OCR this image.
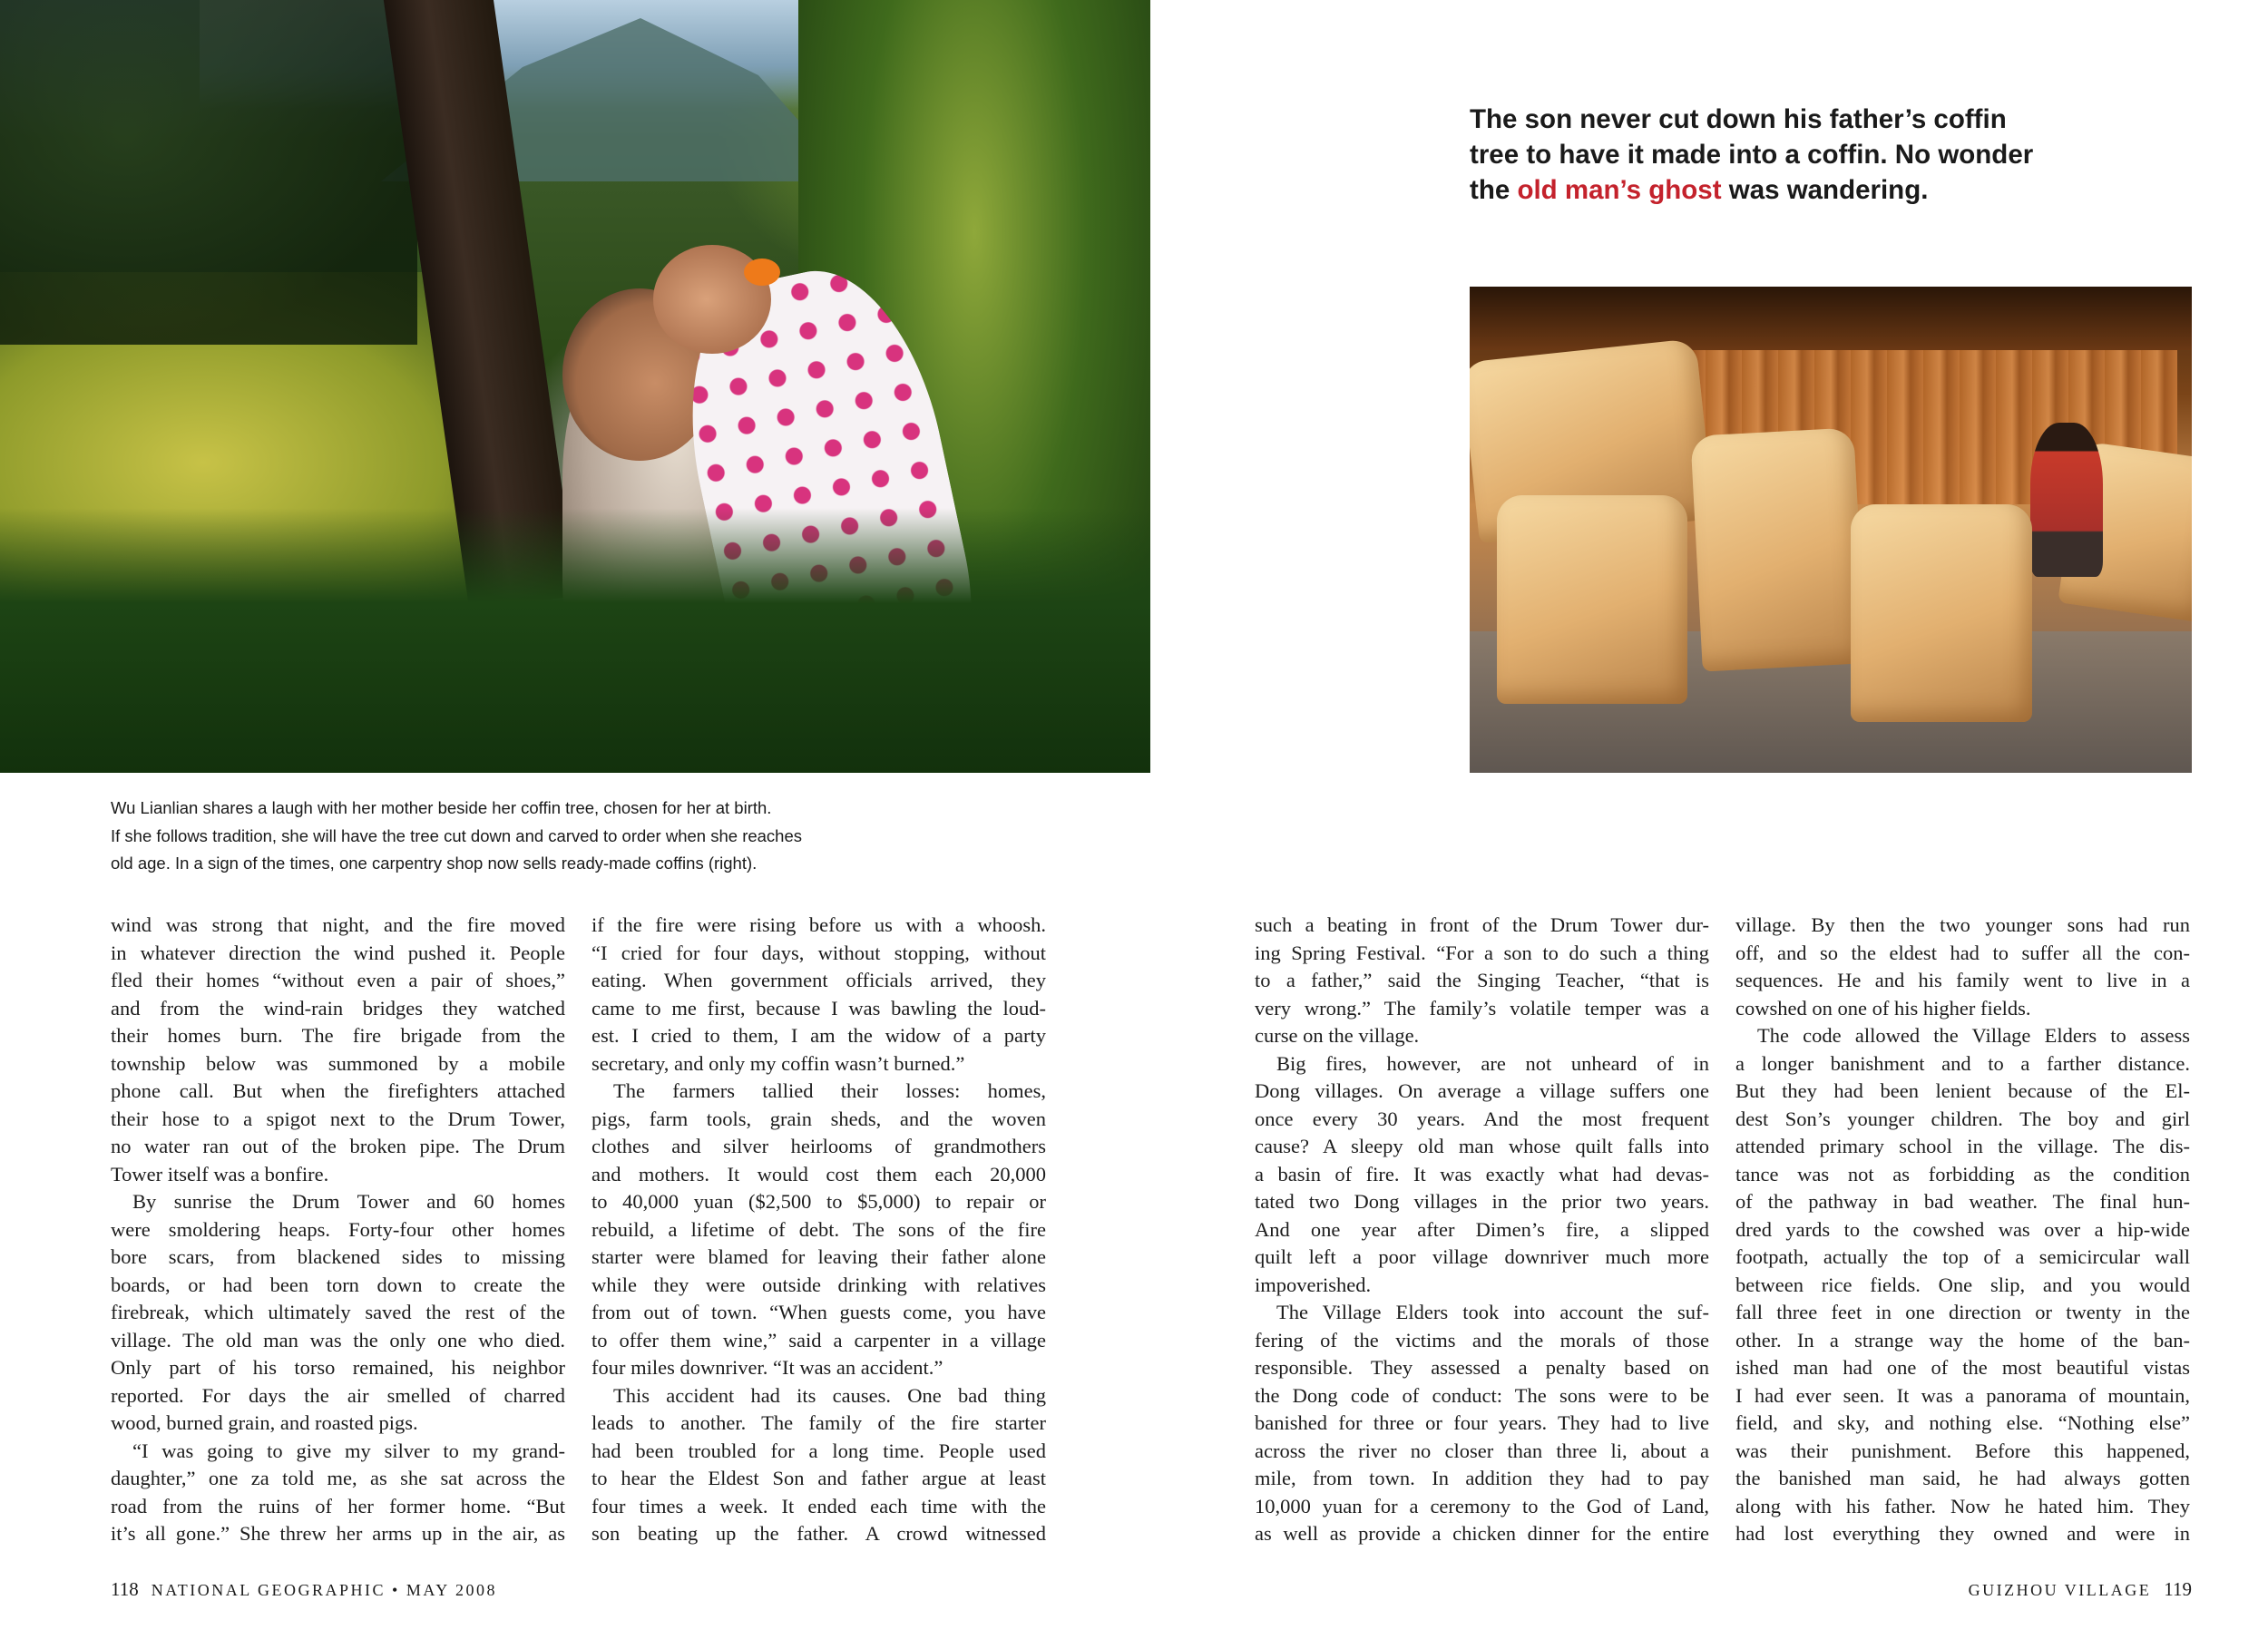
The son never cut down his father’s coffin
tree to have it made into a coffin. No wonder
the old man’s ghost was wandering.

Wu Lianlian shares a laugh with her mother beside her coffin tree, chosen for her at birth.
If she follows tradition, she will have the tree cut down and carved to order when she reaches
old age. In a sign of the times, one carpentry shop now sells ready-made coffins (right).

wind was strong that night, and the fire moved
in whatever direction the wind pushed it. People
fled their homes “without even a pair of shoes,”
and from the wind-rain bridges they watched
their homes burn. The fire brigade from the
township below was summoned by a mobile
phone call. But when the firefighters attached
their hose to a spigot next to the Drum Tower,
no water ran out of the broken pipe. The Drum
Tower itself was a bonfire.
By sunrise the Drum Tower and 60 homes
were smoldering heaps. Forty-four other homes
bore scars, from blackened sides to missing
boards, or had been torn down to create the
firebreak, which ultimately saved the rest of the
village. The old man was the only one who died.
Only part of his torso remained, his neighbor
reported. For days the air smelled of charred
wood, burned grain, and roasted pigs.
“I was going to give my silver to my grand-
daughter,” one za told me, as she sat across the
road from the ruins of her former home. “But
it’s all gone.” She threw her arms up in the air, as
if the fire were rising before us with a whoosh.
“I cried for four days, without stopping, without
eating. When government officials arrived, they
came to me first, because I was bawling the loud-
est. I cried to them, I am the widow of a party
secretary, and only my coffin wasn’t burned.”
The farmers tallied their losses: homes,
pigs, farm tools, grain sheds, and the woven
clothes and silver heirlooms of grandmothers
and mothers. It would cost them each 20,000
to 40,000 yuan ($2,500 to $5,000) to repair or
rebuild, a lifetime of debt. The sons of the fire
starter were blamed for leaving their father alone
while they were outside drinking with relatives
from out of town. “When guests come, you have
to offer them wine,” said a carpenter in a village
four miles downriver. “It was an accident.”
This accident had its causes. One bad thing
leads to another. The family of the fire starter
had been troubled for a long time. People used
to hear the Eldest Son and father argue at least
four times a week. It ended each time with the
son beating up the father. A crowd witnessed
such a beating in front of the Drum Tower dur-
ing Spring Festival. “For a son to do such a thing
to a father,” said the Singing Teacher, “that is
very wrong.” The family’s volatile temper was a
curse on the village.
Big fires, however, are not unheard of in
Dong villages. On average a village suffers one
once every 30 years. And the most frequent
cause? A sleepy old man whose quilt falls into
a basin of fire. It was exactly what had devas-
tated two Dong villages in the prior two years.
And one year after Dimen’s fire, a slipped
quilt left a poor village downriver much more
impoverished.
The Village Elders took into account the suf-
fering of the victims and the morals of those
responsible. They assessed a penalty based on
the Dong code of conduct: The sons were to be
banished for three or four years. They had to live
across the river no closer than three li, about a
mile, from town. In addition they had to pay
10,000 yuan for a ceremony to the God of Land,
as well as provide a chicken dinner for the entire
village. By then the two younger sons had run
off, and so the eldest had to suffer all the con-
sequences. He and his family went to live in a
cowshed on one of his higher fields.
The code allowed the Village Elders to assess
a longer banishment and to a farther distance.
But they had been lenient because of the El-
dest Son’s younger children. The boy and girl
attended primary school in the village. The dis-
tance was not as forbidding as the condition
of the pathway in bad weather. The final hun-
dred yards to the cowshed was over a hip-wide
footpath, actually the top of a semicircular wall
between rice fields. One slip, and you would
fall three feet in one direction or twenty in the
other. In a strange way the home of the ban-
ished man had one of the most beautiful vistas
I had ever seen. It was a panorama of mountain,
field, and sky, and nothing else. “Nothing else”
was their punishment. Before this happened,
the banished man said, he had always gotten
along with his father. Now he hated him. They
had lost everything they owned and were in
118 NATIONAL GEOGRAPHIC • MAY 2008	GUIZHOU VILLAGE 119
